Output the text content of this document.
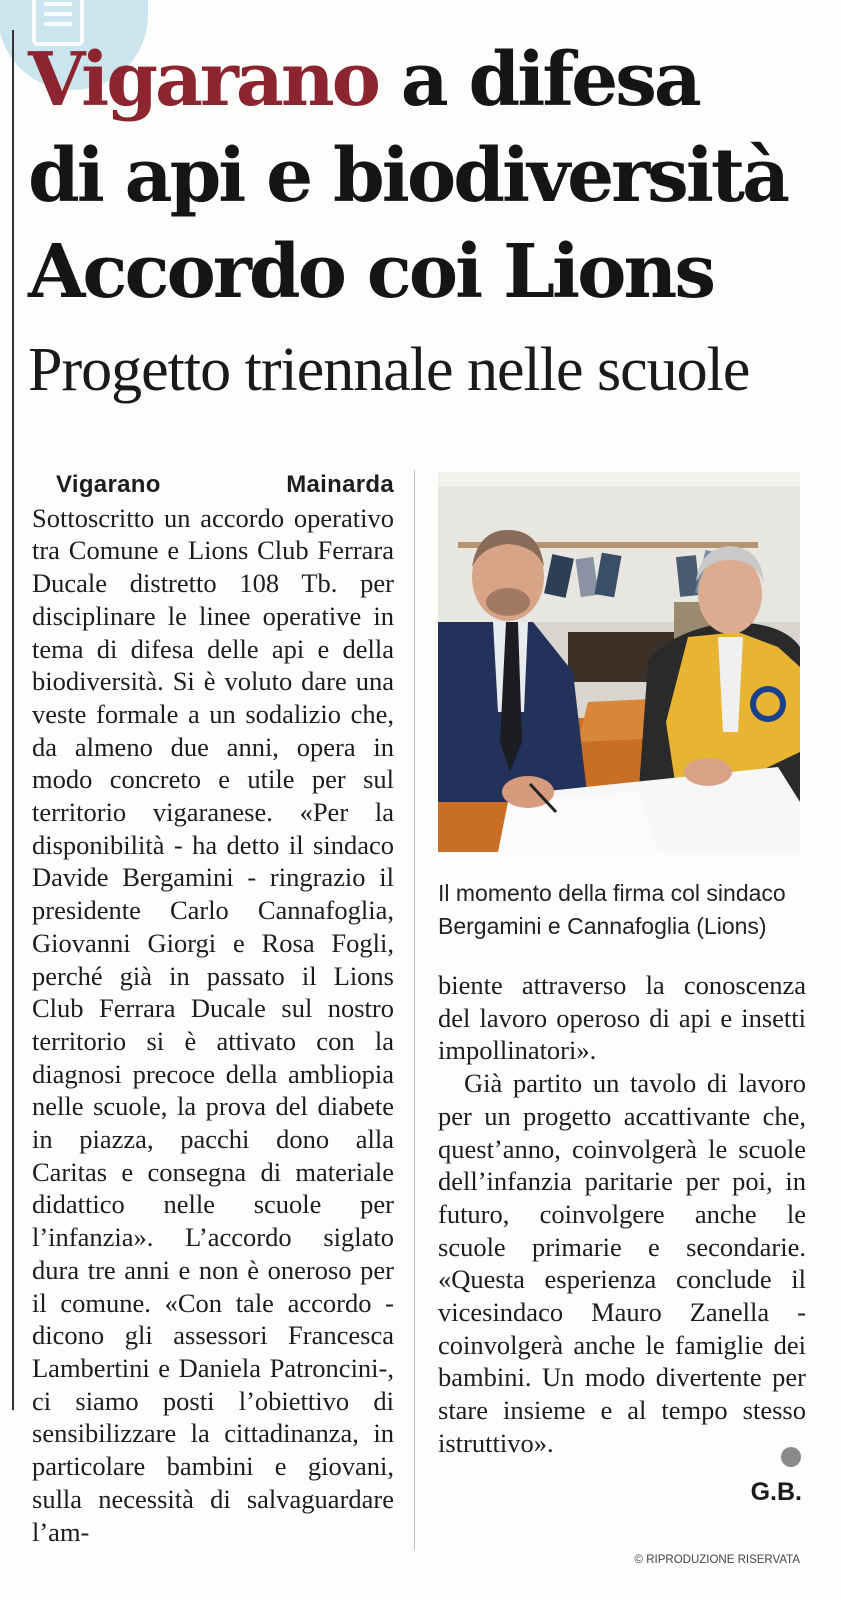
Vigarano a difesa
di api e biodiversità
Accordo coi Lions
Progetto triennale nelle scuole

Vigarano Mainarda Sottoscritto un accordo operativo tra Comune e Lions Club Ferrara Ducale distretto 108 Tb. per disciplinare le linee operative in tema di difesa delle api e della biodiversità. Si è voluto dare una veste formale a un sodalizio che, da almeno due anni, opera in modo concreto e utile per sul territorio vigaranese. «Per la disponibilità - ha detto il sindaco Davide Bergamini - ringrazio il presidente Carlo Cannafoglia, Giovanni Giorgi e Rosa Fogli, perché già in passato il Lions Club Ferrara Ducale sul nostro territorio si è attivato con la diagnosi precoce della ambliopia nelle scuole, la prova del diabete in piazza, pacchi dono alla Caritas e consegna di materiale didattico nelle scuole per l’infanzia». L’accordo siglato dura tre anni e non è oneroso per il comune. «Con tale accordo - dicono gli assessori Francesca Lambertini e Daniela Patroncini-, ci siamo posti l’obiettivo di sensibilizzare la cittadinanza, in particolare bambini e giovani, sulla necessità di salvaguardare l’am-

Il momento della firma col sindaco Bergamini e Cannafoglia (Lions)

biente attraverso la conoscenza del lavoro operoso di api e insetti impollinatori».

Già partito un tavolo di lavoro per un progetto accattivante che, quest’anno, coinvolgerà le scuole dell’infanzia paritarie per poi, in futuro, coinvolgere anche le scuole primarie e secondarie. «Questa esperienza conclude il vicesindaco Mauro Zanella - coinvolgerà anche le famiglie dei bambini. Un modo divertente per stare insieme e al tempo stesso istruttivo».

G.B.
© RIPRODUZIONE RISERVATA
